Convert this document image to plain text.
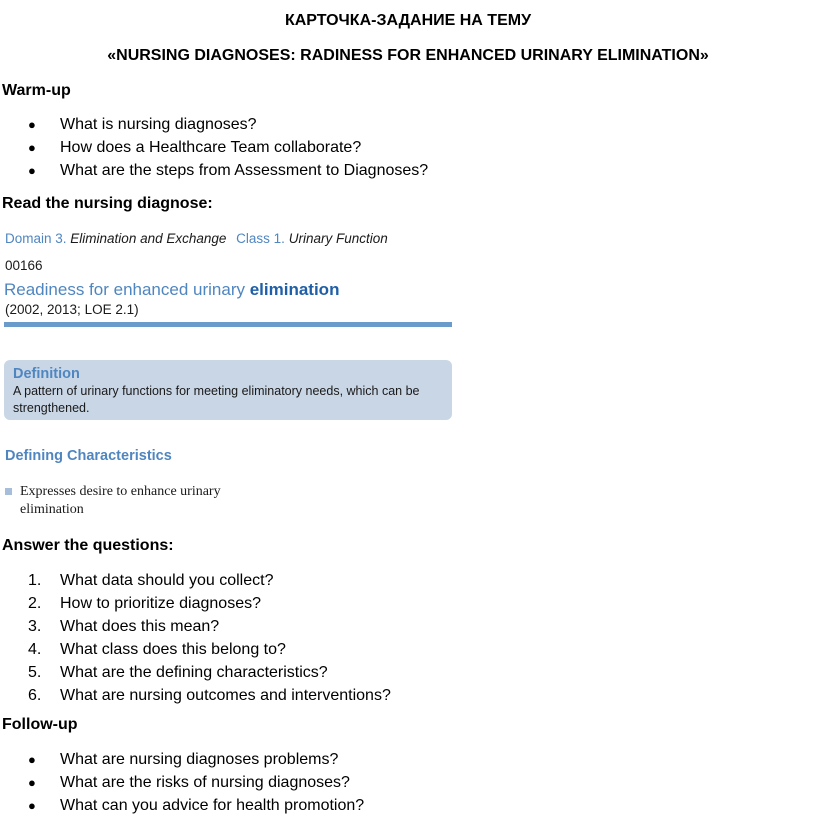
КАРТОЧКА-ЗАДАНИЕ НА ТЕМУ
«NURSING DIAGNOSES: RADINESS FOR ENHANCED URINARY ELIMINATION»
Warm-up
●	What is nursing diagnoses?
●	How does a Healthcare Team collaborate?
●	What are the steps from Assessment to Diagnoses?
Read the nursing diagnose:
Domain 3. Elimination and Exchange Class 1. Urinary Function
00166
Readiness for enhanced urinary elimination
(2002, 2013; LOE 2.1)
Definition
A pattern of urinary functions for meeting eliminatory needs, which can be strengthened.
Defining Characteristics
Expresses desire to enhance urinary elimination
Answer the questions:
1. What data should you collect?
2. How to prioritize diagnoses?
3. What does this mean?
4. What class does this belong to?
5. What are the defining characteristics?
6. What are nursing outcomes and interventions?
Follow-up
●	What are nursing diagnoses problems?
●	What are the risks of nursing diagnoses?
●	What can you advice for health promotion?
